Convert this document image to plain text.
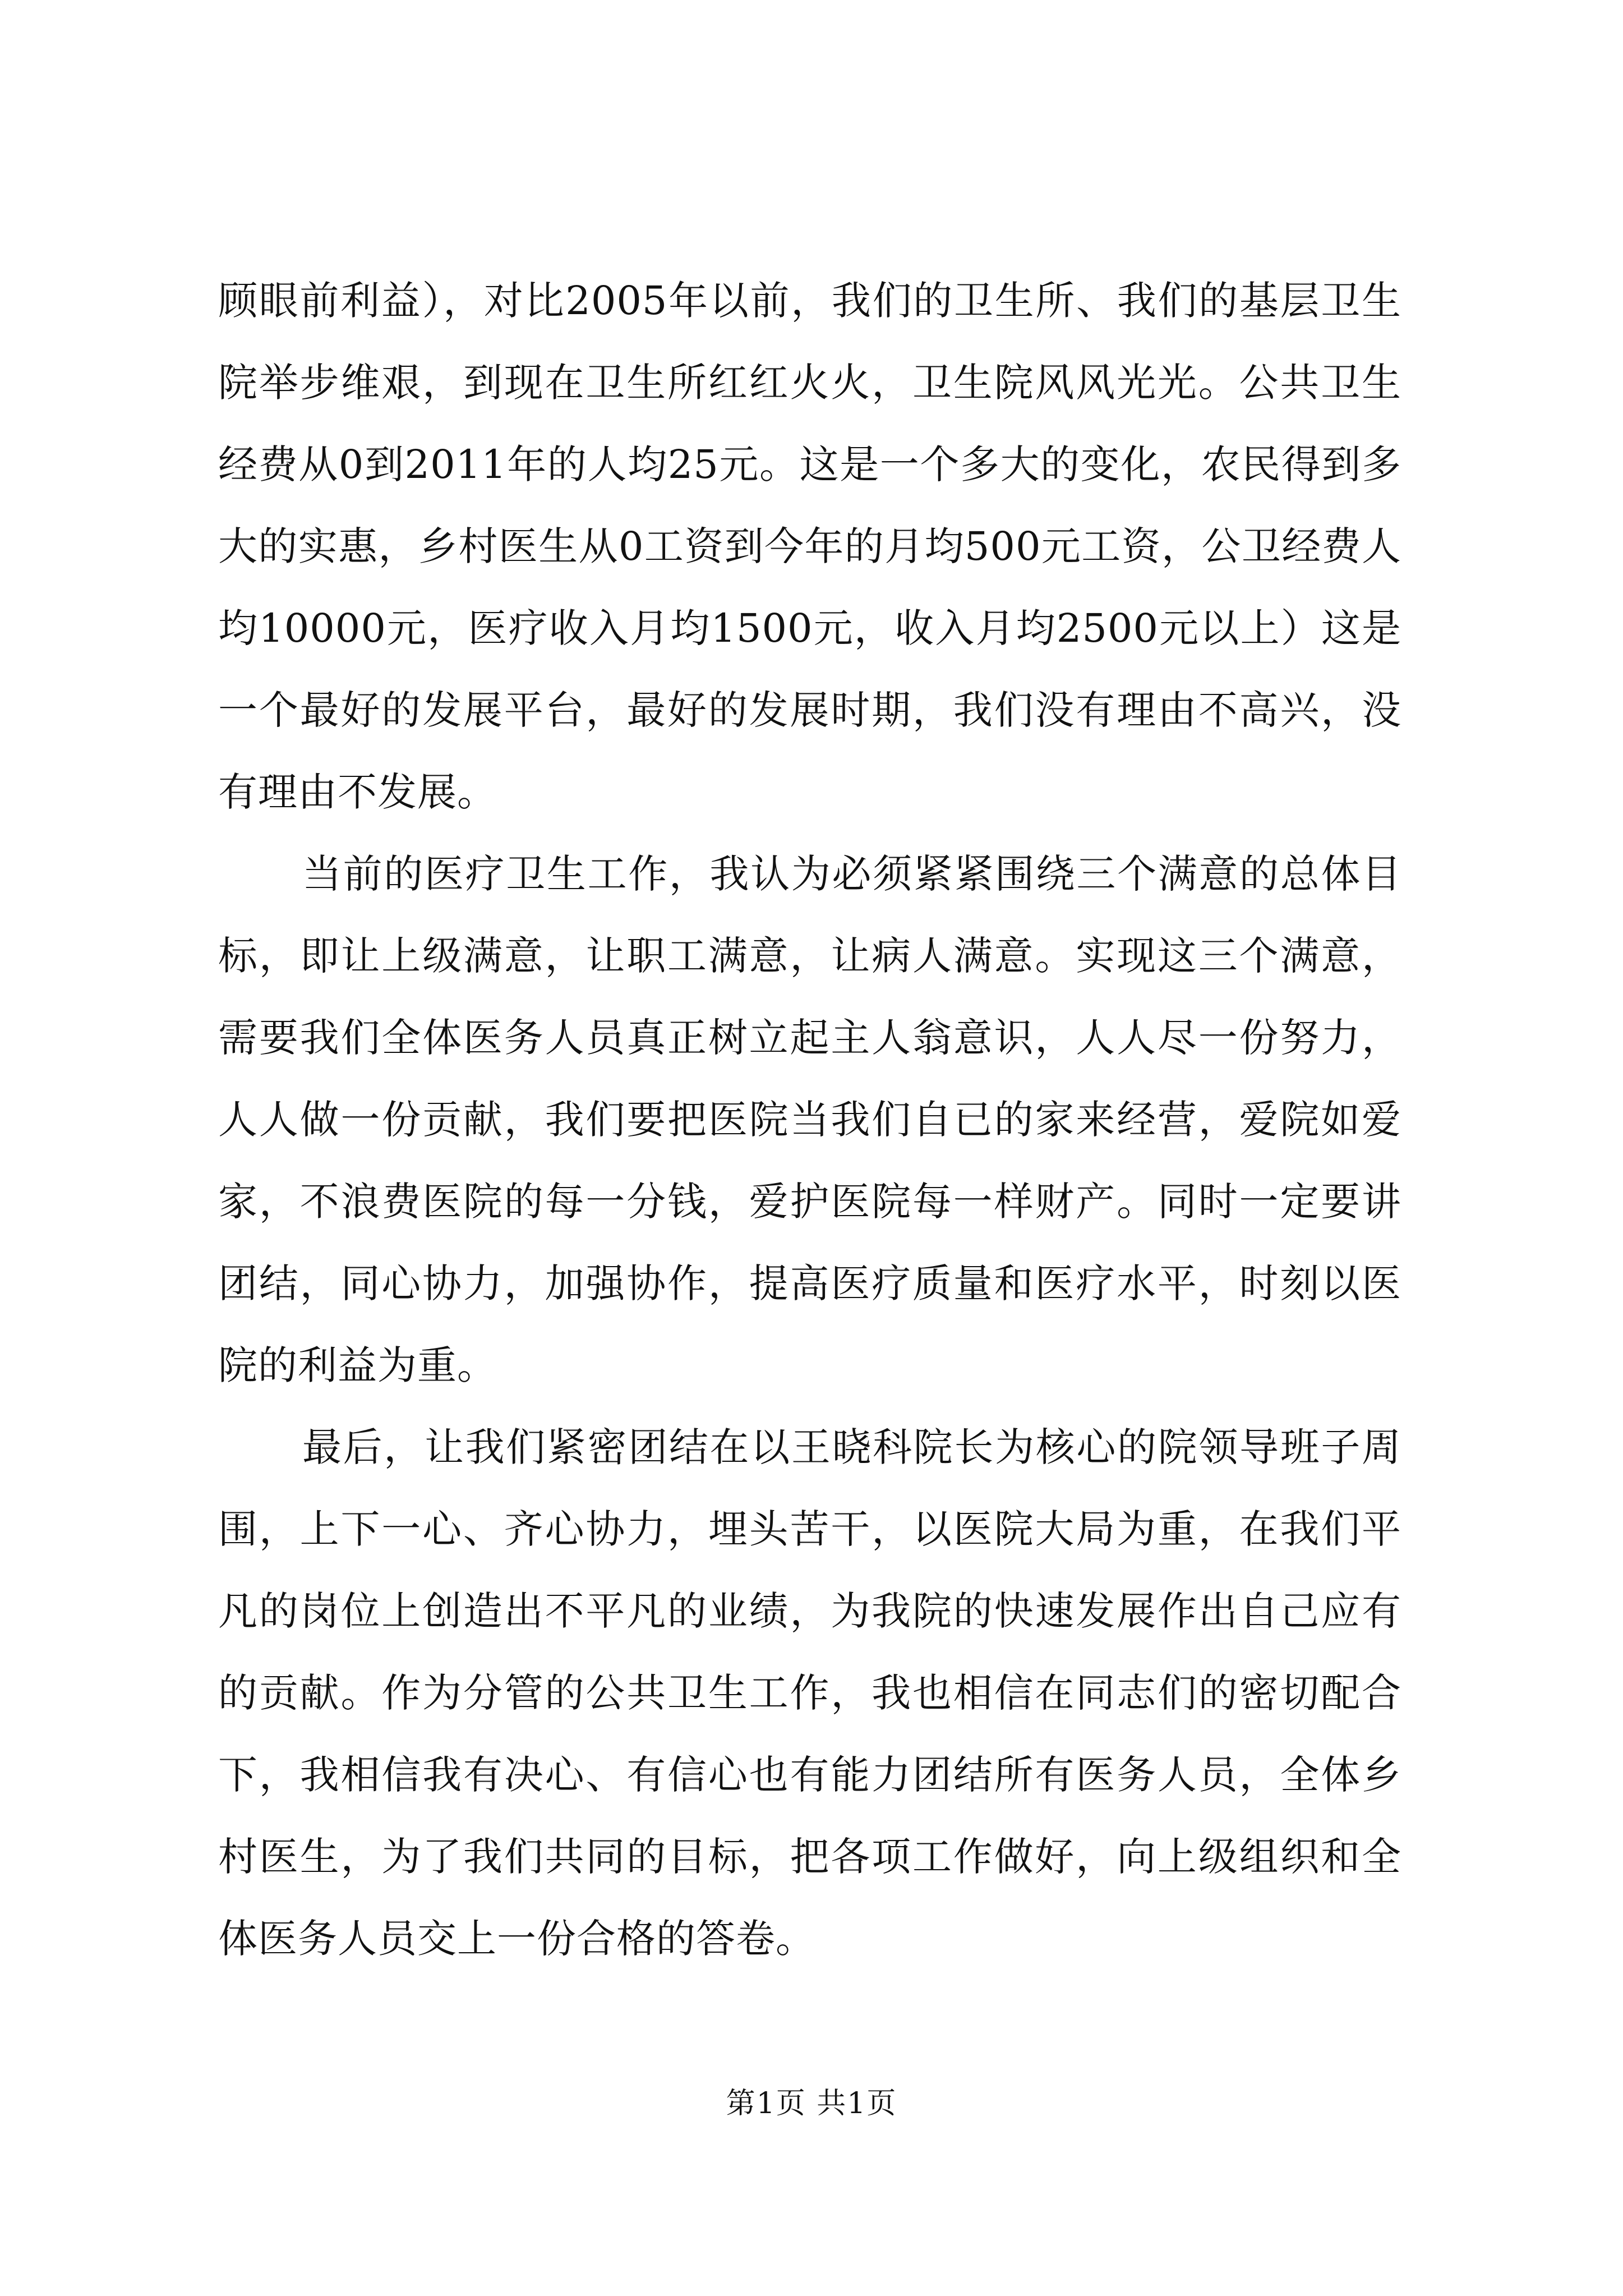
顾眼前利益），对比2005年以前，我们的卫生所、我们的基层卫生院举步维艰，到现在卫生所红红火火，卫生院风风光光。公共卫生经费从0到2011年的人均25元。这是一个多大的变化，农民得到多大的实惠，乡村医生从0工资到今年的月均500元工资，公卫经费人均10000元，医疗收入月均1500元，收入月均2500元以上）这是一个最好的发展平台，最好的发展时期，我们没有理由不高兴，没有理由不发展。

当前的医疗卫生工作，我认为必须紧紧围绕三个满意的总体目标，即让上级满意，让职工满意，让病人满意。实现这三个满意，需要我们全体医务人员真正树立起主人翁意识，人人尽一份努力，人人做一份贡献，我们要把医院当我们自已的家来经营，爱院如爱家，不浪费医院的每一分钱，爱护医院每一样财产。同时一定要讲团结，同心协力，加强协作，提高医疗质量和医疗水平，时刻以医院的利益为重。

最后，让我们紧密团结在以王晓科院长为核心的院领导班子周围，上下一心、齐心协力，埋头苦干，以医院大局为重，在我们平凡的岗位上创造出不平凡的业绩，为我院的快速发展作出自己应有的贡献。作为分管的公共卫生工作，我也相信在同志们的密切配合下，我相信我有决心、有信心也有能力团结所有医务人员，全体乡村医生，为了我们共同的目标，把各项工作做好，向上级组织和全体医务人员交上一份合格的答卷。

第1页 共1页
